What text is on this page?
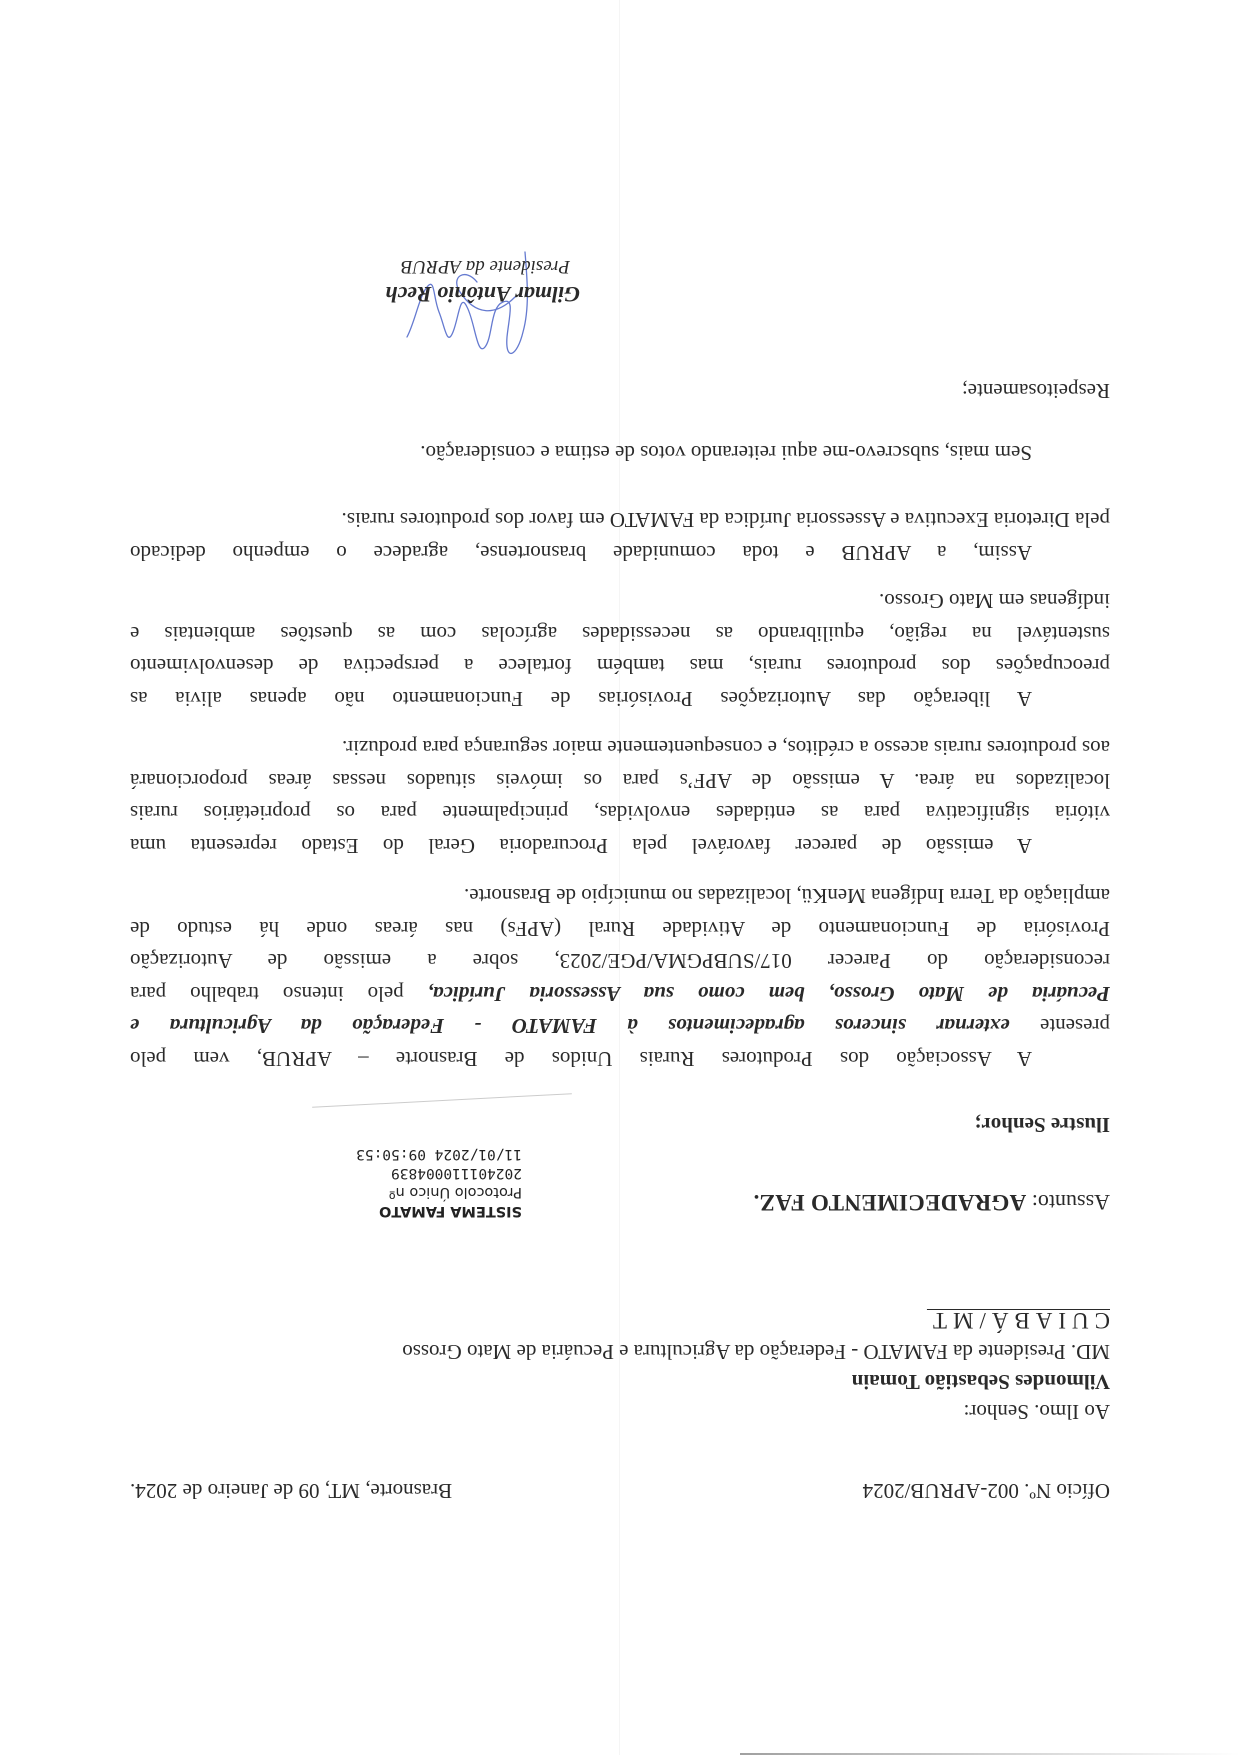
Ofício Nº. 002-APRUB/2024
Brasnorte, MT, 09 de Janeiro de 2024.
Ao Ilmo. Senhor:
Vilmondes Sebastião Tomain
MD. Presidente da FAMATO - Federação da Agricultura e Pecuária de Mato Grosso
CUIABÁ/MT
SISTEMA FAMATO
Protocolo Único nº
202401110004839
11/01/2024 09:50:53
Assunto: AGRADECIMENTO FAZ.
Ilustre Senhor;
A Associação dos Produtores Rurais Unidos de Brasnorte – APRUB, vem pelo
presente externar sinceros agradecimentos à FAMATO - Federação da Agricultura e
Pecuária de Mato Grosso, bem como sua Assessoria Jurídica, pelo intenso trabalho para
reconsideração do Parecer 017/SUBPGMA/PGE/2023, sobre a emissão de Autorização
Provisória de Funcionamento de Atividade Rural (APFs) nas áreas onde há estudo de
ampliação da Terra Indígena MenKü, localizadas no município de Brasnorte.
A emissão de parecer favorável pela Procuradoria Geral do Estado representa uma
vitória significativa para as entidades envolvidas, principalmente para os proprietários rurais
localizados na área. A emissão de APF’s para os imóveis situados nessas áreas proporcionará
aos produtores rurais acesso a créditos, e consequentemente maior segurança para produzir.
A liberação das Autorizações Provisórias de Funcionamento não apenas alivia as
preocupações dos produtores rurais, mas também fortalece a perspectiva de desenvolvimento
sustentável na região, equilibrando as necessidades agrícolas com as questões ambientais e
indígenas em Mato Grosso.
Assim, a APRUB e toda comunidade brasnortense, agradece o empenho dedicado
pela Diretoria Executiva e Assessoria Jurídica da FAMATO em favor dos produtores rurais.
Sem mais, subscrevo-me aqui reiterando votos de estima e consideração.
Respeitosamente;
Gilmar Antônio Rech
Presidente da APRUB
